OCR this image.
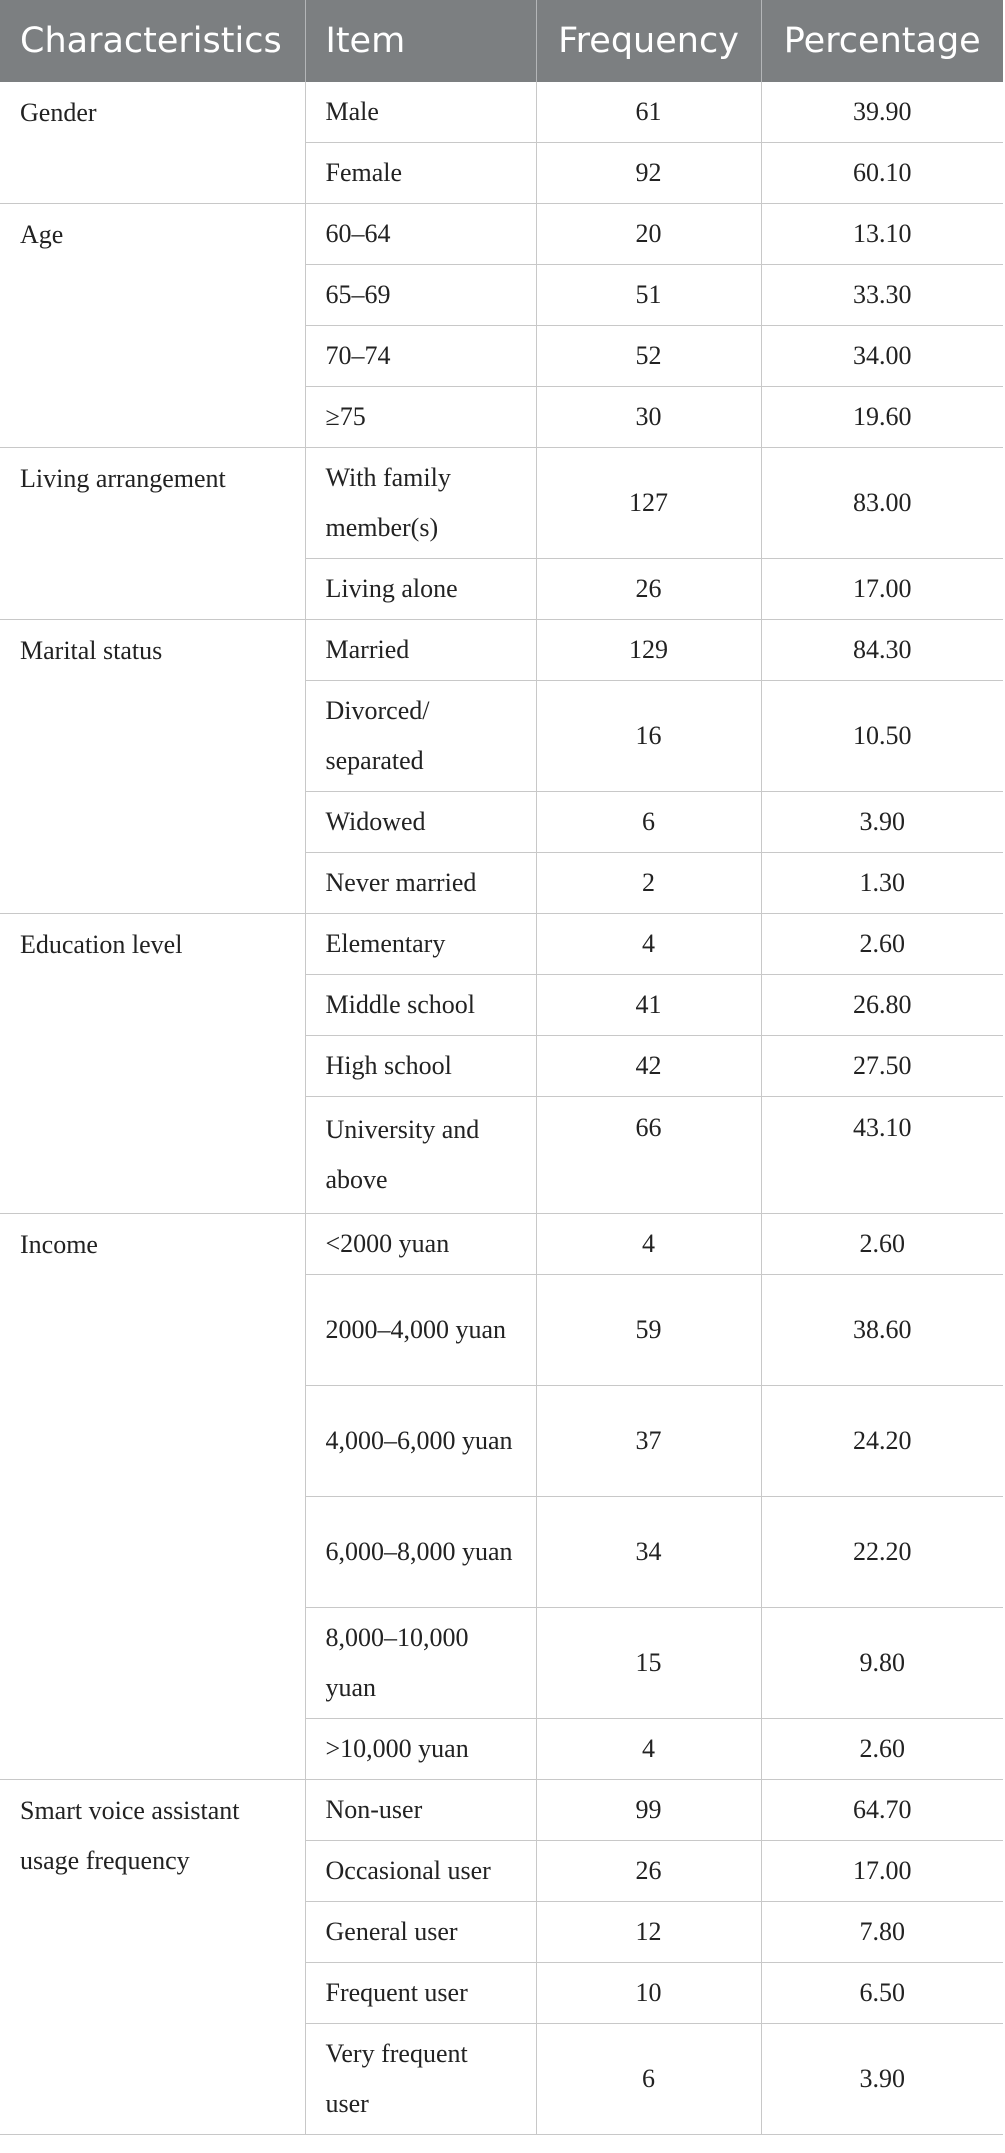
Characteristics	Item	Frequency	Percentage
Gender	Male	61	39.90
	Female	92	60.10
Age	60–64	20	13.10
	65–69	51	33.30
	70–74	52	34.00
	≥75	30	19.60
Living arrangement	With family member(s)	127	83.00
	Living alone	26	17.00
Marital status	Married	129	84.30
	Divorced/ separated	16	10.50
	Widowed	6	3.90
	Never married	2	1.30
Education level	Elementary	4	2.60
	Middle school	41	26.80
	High school	42	27.50
	University and above	66	43.10
Income	<2000 yuan	4	2.60
	2000–4,000 yuan	59	38.60
	4,000–6,000 yuan	37	24.20
	6,000–8,000 yuan	34	22.20
	8,000–10,000 yuan	15	9.80
	>10,000 yuan	4	2.60
Smart voice assistant usage frequency	Non-user	99	64.70
	Occasional user	26	17.00
	General user	12	7.80
	Frequent user	10	6.50
	Very frequent user	6	3.90
